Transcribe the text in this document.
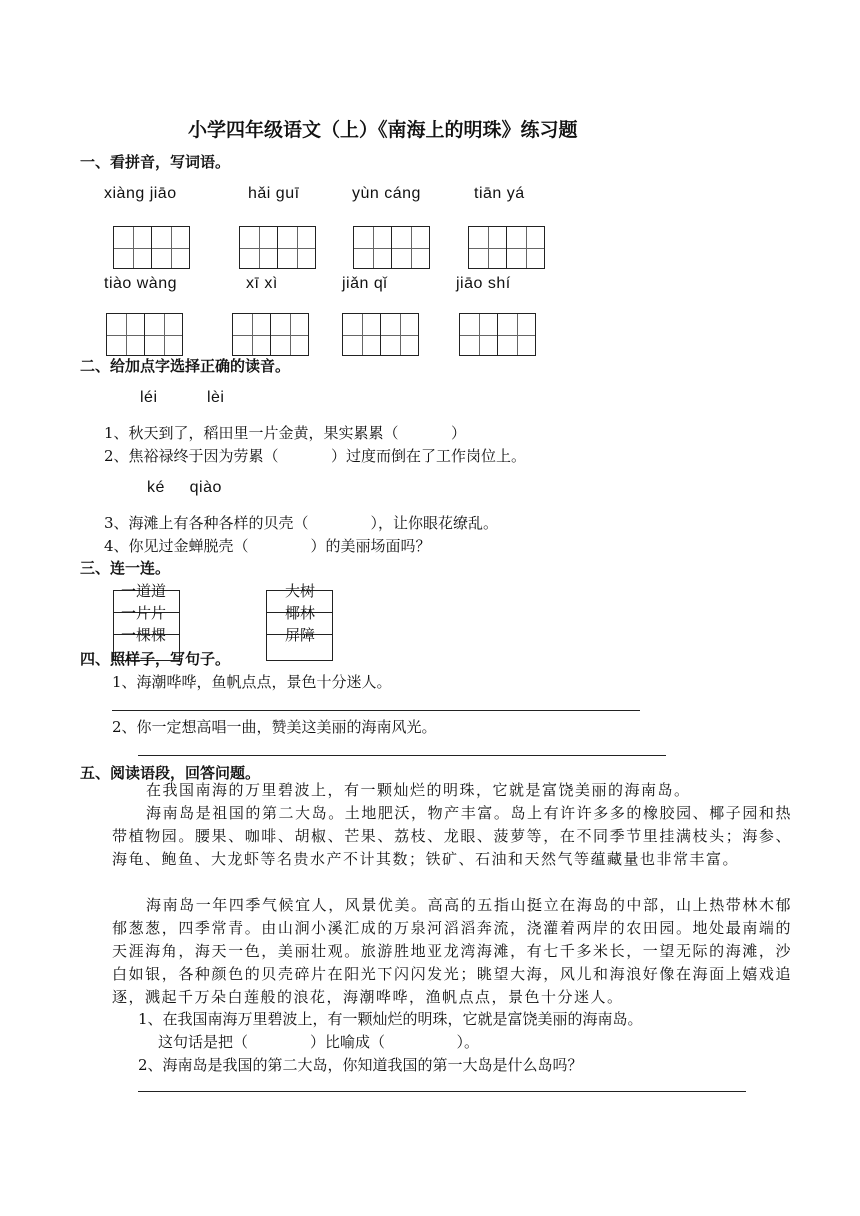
小学四年级语文（上）《南海上的明珠》练习题
一、看拼音，写词语。
xiàng jiāo	hǎi guī	yùn cáng	tiān yá
tiào wàng	xī xì	jiǎn qǐ	jiāo shí
二、给加点字选择正确的读音。
léi          lèi
1、秋天到了，稻田里一片金黄，果实累累（           ）
2、焦裕禄终于因为劳累（           ）过度而倒在了工作岗位上。
ké     qiào
3、海滩上有各种各样的贝壳（             ），让你眼花缭乱。
4、你见过金蝉脱壳（             ）的美丽场面吗？
三、连一连。
一道道
一片片
一棵棵
大树
椰林
屏障
四、照样子，写句子。
1、海潮哗哗，鱼帆点点，景色十分迷人。
2、你一定想高唱一曲，赞美这美丽的海南风光。
五、阅读语段，回答问题。
在我国南海的万里碧波上，有一颗灿烂的明珠，它就是富饶美丽的海南岛。
海南岛是祖国的第二大岛。土地肥沃，物产丰富。岛上有许许多多的橡胶园、椰子园和热带植物园。腰果、咖啡、胡椒、芒果、荔枝、龙眼、菠萝等，在不同季节里挂满枝头；海参、海龟、鲍鱼、大龙虾等名贵水产不计其数；铁矿、石油和天然气等蕴藏量也非常丰富。
海南岛一年四季气候宜人，风景优美。高高的五指山挺立在海岛的中部，山上热带林木郁郁葱葱，四季常青。由山涧小溪汇成的万泉河滔滔奔流，浇灌着两岸的农田园。地处最南端的天涯海角，海天一色，美丽壮观。旅游胜地亚龙湾海滩，有七千多米长，一望无际的海滩，沙白如银，各种颜色的贝壳碎片在阳光下闪闪发光；眺望大海，风儿和海浪好像在海面上嬉戏追逐，溅起千万朵白莲般的浪花，海潮哗哗，渔帆点点，景色十分迷人。
1、在我国南海万里碧波上，有一颗灿烂的明珠，它就是富饶美丽的海南岛。
这句话是把（             ）比喻成（               ）。
2、海南岛是我国的第二大岛，你知道我国的第一大岛是什么岛吗？
